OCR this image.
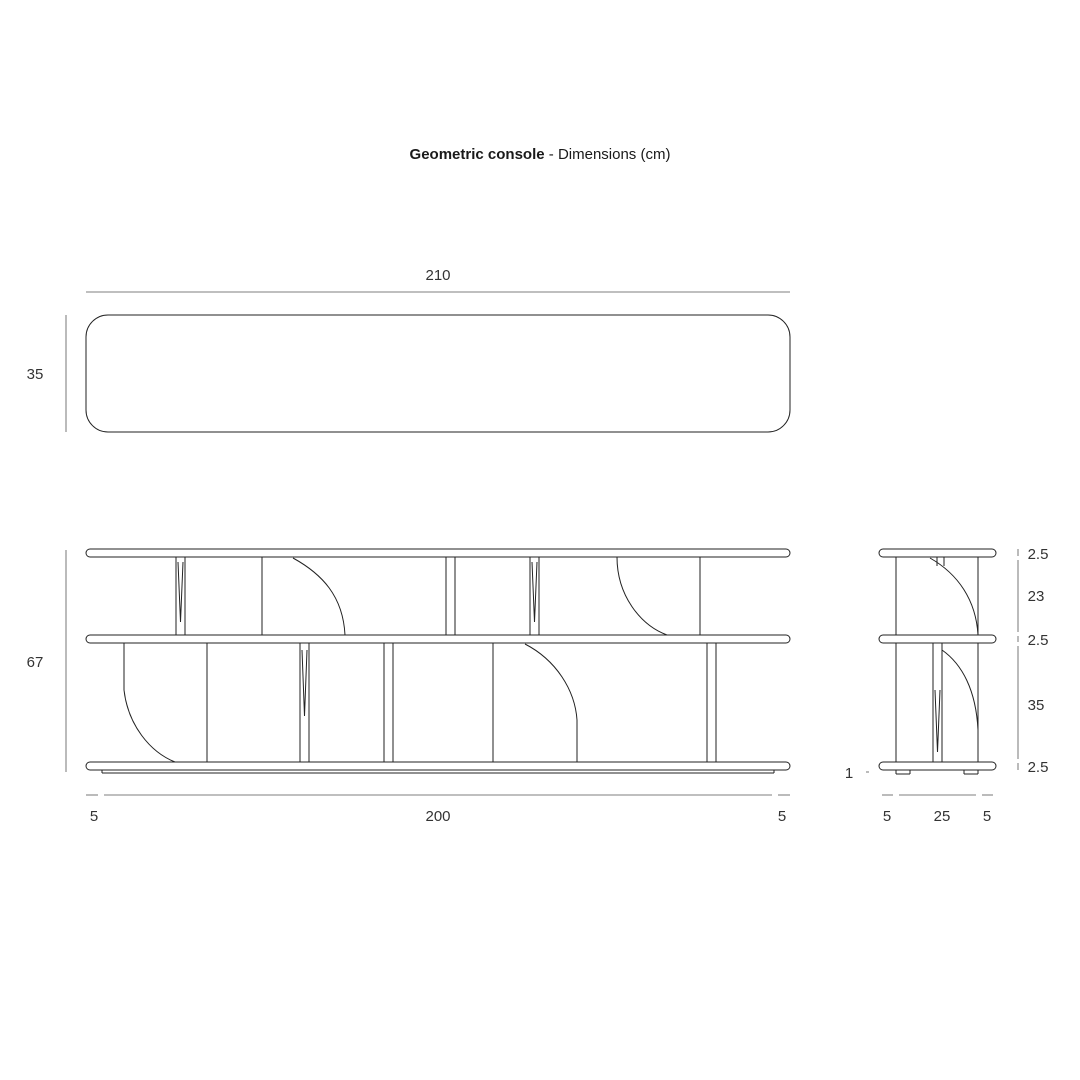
Geometric console - Dimensions (cm)
210
35
67
5	200	5
2.5
23
2.5
35
2.5
1
5	25 5
